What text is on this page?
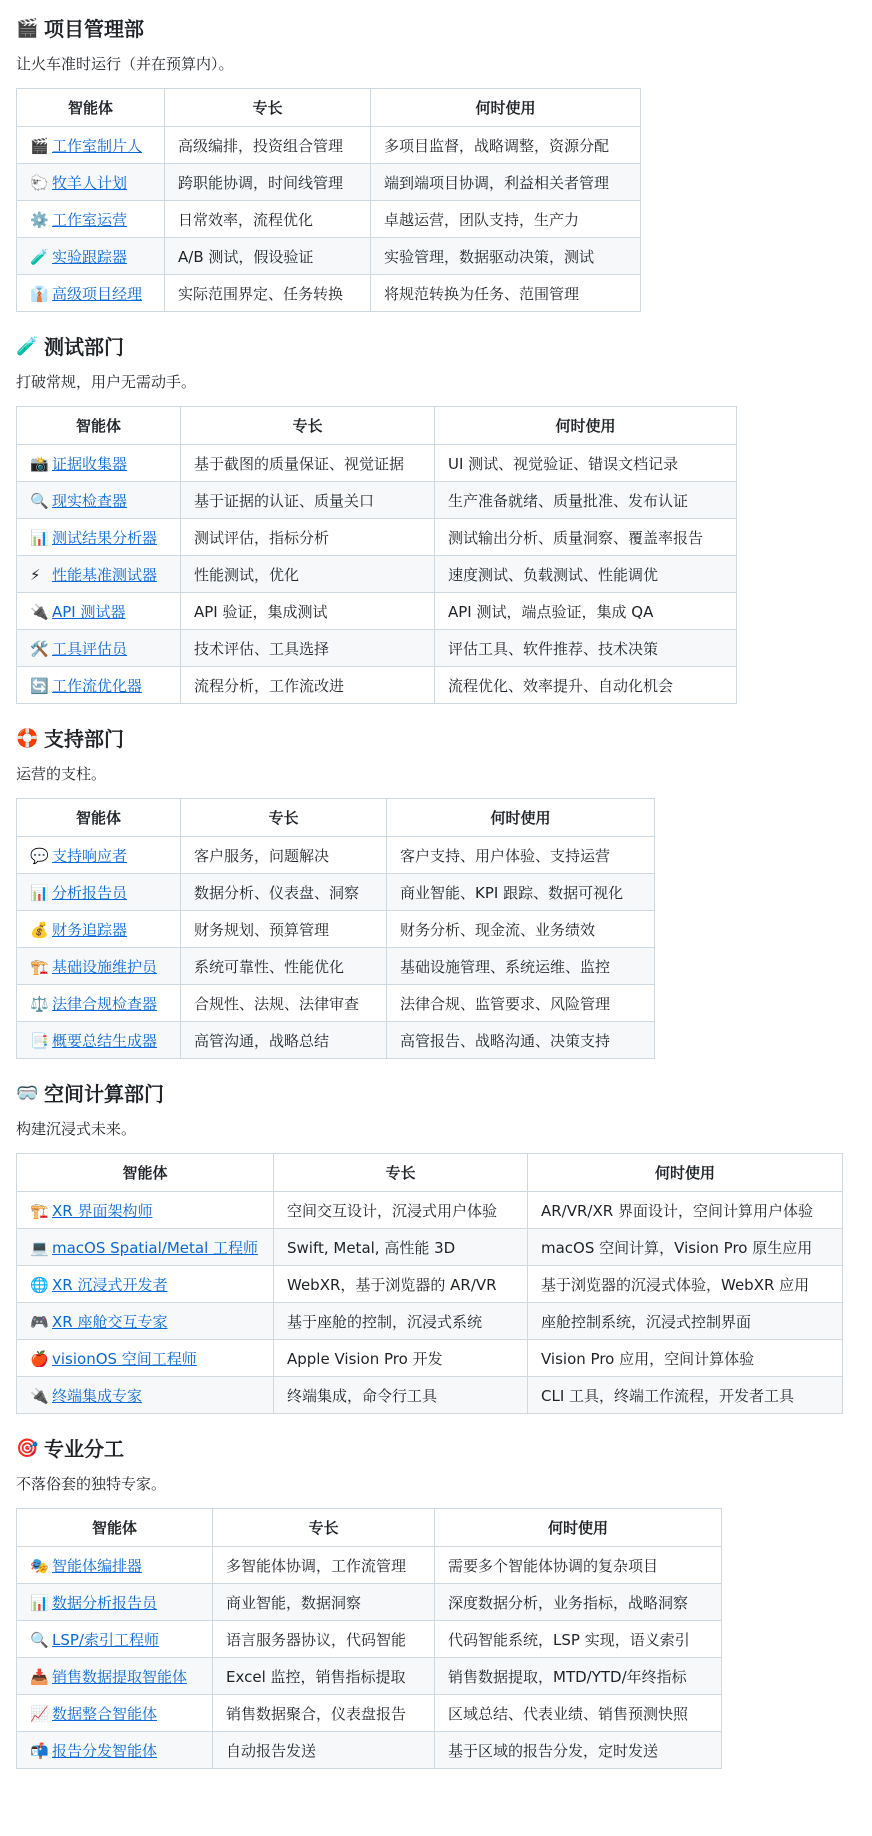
🎬 项目管理部

让火车准时运行（并在预算内）。

智能体	专长	何时使用
🎬 工作室制片人	高级编排，投资组合管理	多项目监督，战略调整，资源分配
🐑 牧羊人计划	跨职能协调，时间线管理	端到端项目协调，利益相关者管理
⚙️ 工作室运营	日常效率，流程优化	卓越运营，团队支持，生产力
🧪 实验跟踪器	A/B 测试，假设验证	实验管理，数据驱动决策，测试
👔 高级项目经理	实际范围界定、任务转换	将规范转换为任务、范围管理
🧪 测试部门

打破常规，用户无需动手。

智能体	专长	何时使用
📸 证据收集器	基于截图的质量保证、视觉证据	UI 测试、视觉验证、错误文档记录
🔍 现实检查器	基于证据的认证、质量关口	生产准备就绪、质量批准、发布认证
📊 测试结果分析器	测试评估，指标分析	测试输出分析、质量洞察、覆盖率报告
⚡ 性能基准测试器	性能测试，优化	速度测试、负载测试、性能调优
🔌 API 测试器	API 验证，集成测试	API 测试，端点验证，集成 QA
🛠️ 工具评估员	技术评估、工具选择	评估工具、软件推荐、技术决策
🔄 工作流优化器	流程分析，工作流改进	流程优化、效率提升、自动化机会
🛟 支持部门

运营的支柱。

智能体	专长	何时使用
💬 支持响应者	客户服务，问题解决	客户支持、用户体验、支持运营
📊 分析报告员	数据分析、仪表盘、洞察	商业智能、KPI 跟踪、数据可视化
💰 财务追踪器	财务规划、预算管理	财务分析、现金流、业务绩效
🏗️ 基础设施维护员	系统可靠性、性能优化	基础设施管理、系统运维、监控
⚖️ 法律合规检查器	合规性、法规、法律审查	法律合规、监管要求、风险管理
📑 概要总结生成器	高管沟通，战略总结	高管报告、战略沟通、决策支持
🥽 空间计算部门

构建沉浸式未来。

智能体	专长	何时使用
🏗️ XR 界面架构师	空间交互设计，沉浸式用户体验	AR/VR/XR 界面设计，空间计算用户体验
💻 macOS Spatial/Metal 工程师	Swift, Metal, 高性能 3D	macOS 空间计算，Vision Pro 原生应用
🌐 XR 沉浸式开发者	WebXR，基于浏览器的 AR/VR	基于浏览器的沉浸式体验，WebXR 应用
🎮 XR 座舱交互专家	基于座舱的控制，沉浸式系统	座舱控制系统，沉浸式控制界面
🍎 visionOS 空间工程师	Apple Vision Pro 开发	Vision Pro 应用，空间计算体验
🔌 终端集成专家	终端集成，命令行工具	CLI 工具，终端工作流程，开发者工具
🎯 专业分工

不落俗套的独特专家。

智能体	专长	何时使用
🎭 智能体编排器	多智能体协调，工作流管理	需要多个智能体协调的复杂项目
📊 数据分析报告员	商业智能，数据洞察	深度数据分析，业务指标，战略洞察
🔍 LSP/索引工程师	语言服务器协议，代码智能	代码智能系统，LSP 实现，语义索引
📥 销售数据提取智能体	Excel 监控，销售指标提取	销售数据提取，MTD/YTD/年终指标
📈 数据整合智能体	销售数据聚合，仪表盘报告	区域总结、代表业绩、销售预测快照
📬 报告分发智能体	自动报告发送	基于区域的报告分发，定时发送
